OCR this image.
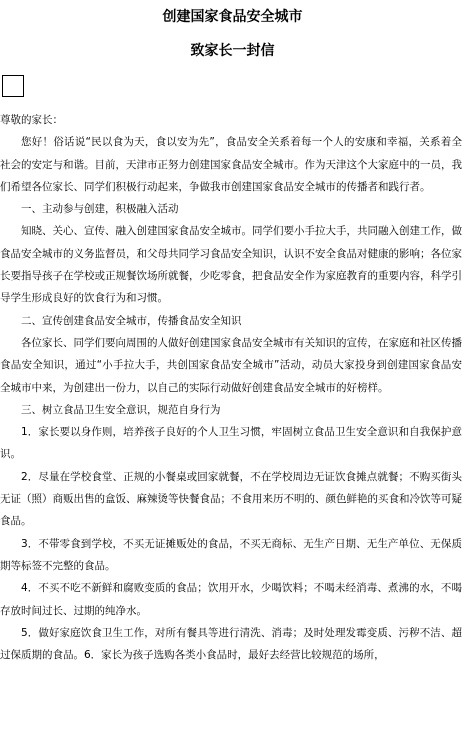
创建国家食品安全城市
致家长一封信

尊敬的家长：

您好！俗话说“民以食为天，食以安为先”，食品安全关系着每一个人的安康和幸福，关系着全社会的安定与和谐。目前，天津市正努力创建国家食品安全城市。作为天津这个大家庭中的一员，我们希望各位家长、同学们积极行动起来，争做我市创建国家食品安全城市的传播者和践行者。

一、主动参与创建，积极融入活动

知晓、关心、宣传、融入创建国家食品安全城市。同学们要小手拉大手，共同融入创建工作，做食品安全城市的义务监督员，和父母共同学习食品安全知识，认识不安全食品对健康的影响；各位家长要指导孩子在学校或正规餐饮场所就餐，少吃零食，把食品安全作为家庭教育的重要内容，科学引导学生形成良好的饮食行为和习惯。

二、宣传创建食品安全城市，传播食品安全知识

各位家长、同学们要向周围的人做好创建国家食品安全城市有关知识的宣传，在家庭和社区传播食品安全知识，通过“小手拉大手，共创国家食品安全城市”活动，动员大家投身到创建国家食品安全城市中来，为创建出一份力，以自己的实际行动做好创建食品安全城市的好榜样。

三、树立食品卫生安全意识，规范自身行为

1．家长要以身作则，培养孩子良好的个人卫生习惯，牢固树立食品卫生安全意识和自我保护意识。

2．尽量在学校食堂、正规的小餐桌或回家就餐，不在学校周边无证饮食摊点就餐；不购买街头无证（照）商贩出售的盒饭、麻辣烫等快餐食品；不食用来历不明的、颜色鲜艳的买食和冷饮等可疑食品。

3．不带零食到学校，不买无证摊贩处的食品，不买无商标、无生产日期、无生产单位、无保质期等标签不完整的食品。

4．不买不吃不新鲜和腐败变质的食品；饮用开水，少喝饮料；不喝未经消毒、煮沸的水，不喝存放时间过长、过期的纯净水。

5．做好家庭饮食卫生工作，对所有餐具等进行清洗、消毒；及时处理发霉变质、污秽不洁、超过保质期的食品。6．家长为孩子选购各类小食品时，最好去经营比较规范的场所，
